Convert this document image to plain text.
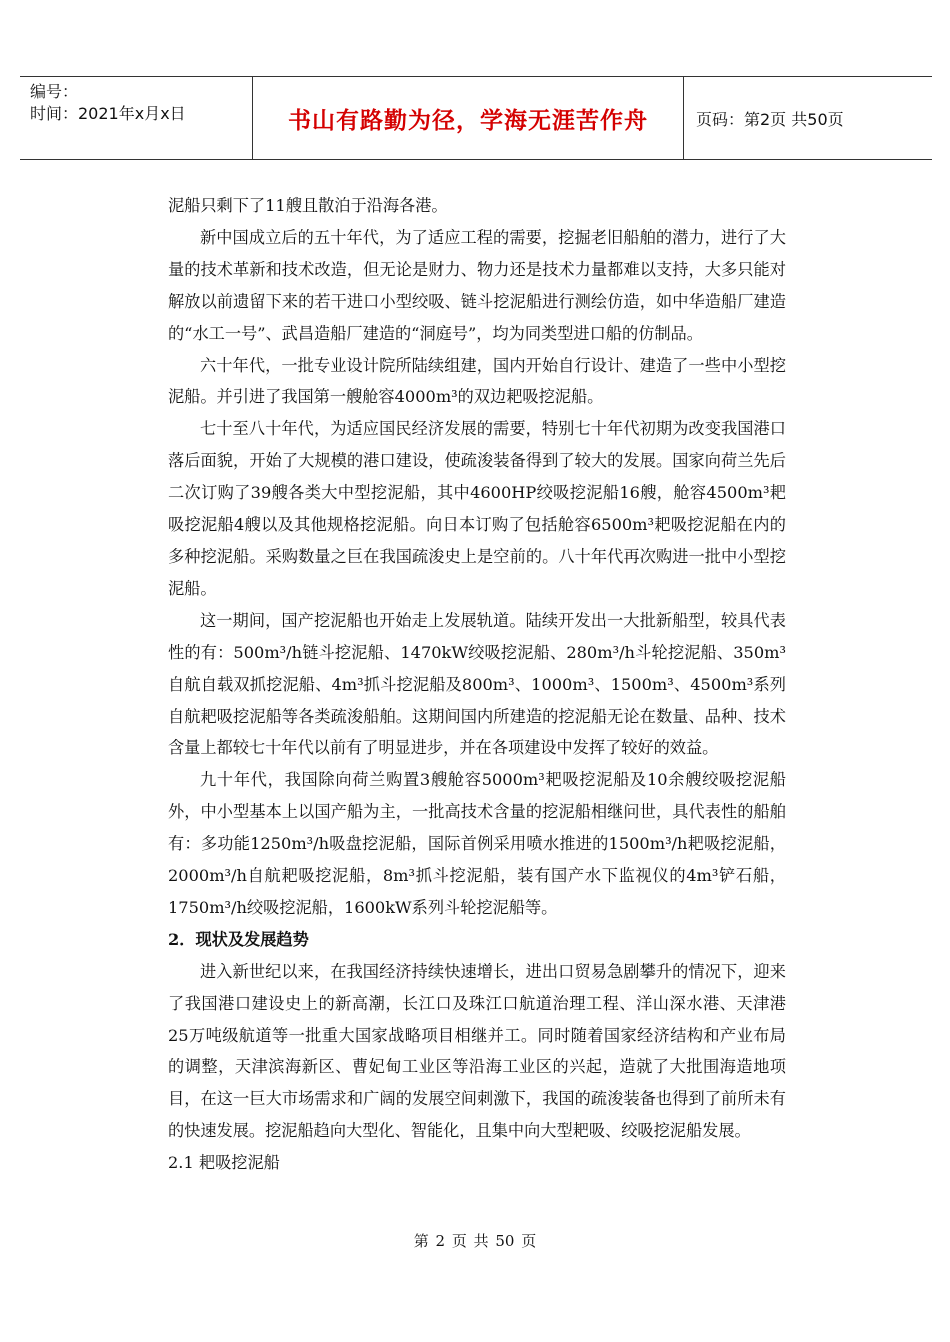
编号：
时间：2021年x月x日	书山有路勤为径，学海无涯苦作舟	页码：第2页 共50页

泥船只剩下了11艘且散泊于沿海各港。

新中国成立后的五十年代，为了适应工程的需要，挖掘老旧船舶的潜力，进行了大量的技术革新和技术改造，但无论是财力、物力还是技术力量都难以支持，大多只能对解放以前遗留下来的若干进口小型绞吸、链斗挖泥船进行测绘仿造，如中华造船厂建造的“水工一号”、武昌造船厂建造的“洞庭号”，均为同类型进口船的仿制品。

六十年代，一批专业设计院所陆续组建，国内开始自行设计、建造了一些中小型挖泥船。并引进了我国第一艘舱容4000m³的双边耙吸挖泥船。

七十至八十年代，为适应国民经济发展的需要，特别七十年代初期为改变我国港口落后面貌，开始了大规模的港口建设，使疏浚装备得到了较大的发展。国家向荷兰先后二次订购了39艘各类大中型挖泥船，其中4600HP绞吸挖泥船16艘，舱容4500m³耙吸挖泥船4艘以及其他规格挖泥船。向日本订购了包括舱容6500m³耙吸挖泥船在内的多种挖泥船。采购数量之巨在我国疏浚史上是空前的。八十年代再次购进一批中小型挖泥船。

这一期间，国产挖泥船也开始走上发展轨道。陆续开发出一大批新船型，较具代表性的有：500m³/h链斗挖泥船、1470kW绞吸挖泥船、280m³/h斗轮挖泥船、350m³自航自载双抓挖泥船、4m³抓斗挖泥船及800m³、1000m³、1500m³、4500m³系列自航耙吸挖泥船等各类疏浚船舶。这期间国内所建造的挖泥船无论在数量、品种、技术含量上都较七十年代以前有了明显进步，并在各项建设中发挥了较好的效益。

九十年代，我国除向荷兰购置3艘舱容5000m³耙吸挖泥船及10余艘绞吸挖泥船外，中小型基本上以国产船为主，一批高技术含量的挖泥船相继问世，具代表性的船舶有：多功能1250m³/h吸盘挖泥船，国际首例采用喷水推进的1500m³/h耙吸挖泥船，2000m³/h自航耙吸挖泥船，8m³抓斗挖泥船，装有国产水下监视仪的4m³铲石船，1750m³/h绞吸挖泥船，1600kW系列斗轮挖泥船等。

2．现状及发展趋势

进入新世纪以来，在我国经济持续快速增长，进出口贸易急剧攀升的情况下，迎来了我国港口建设史上的新高潮，长江口及珠江口航道治理工程、洋山深水港、天津港25万吨级航道等一批重大国家战略项目相继并工。同时随着国家经济结构和产业布局的调整，天津滨海新区、曹妃甸工业区等沿海工业区的兴起，造就了大批围海造地项目，在这一巨大市场需求和广阔的发展空间刺激下，我国的疏浚装备也得到了前所未有的快速发展。挖泥船趋向大型化、智能化，且集中向大型耙吸、绞吸挖泥船发展。

2.1 耙吸挖泥船

第 2 页 共 50 页
